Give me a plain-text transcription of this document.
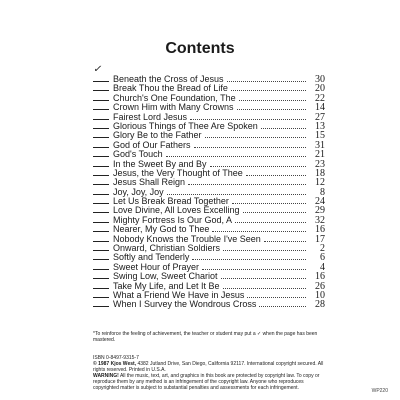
Contents
✓
Beneath the Cross of Jesus	30
Break Thou the Bread of Life	20
Church's One Foundation, The	22
Crown Him with Many Crowns	14
Fairest Lord Jesus	27
Glorious Things of Thee Are Spoken	13
Glory Be to the Father	15
God of Our Fathers	31
God's Touch	21
In the Sweet By and By	23
Jesus, the Very Thought of Thee	18
Jesus Shall Reign	12
Joy, Joy, Joy	8
Let Us Break Bread Together	24
Love Divine, All Loves Excelling	29
Mighty Fortress Is Our God, A	32
Nearer, My God to Thee	16
Nobody Knows the Trouble I've Seen	17
Onward, Christian Soldiers	2
Softly and Tenderly	6
Sweet Hour of Prayer	4
Swing Low, Sweet Chariot	16
Take My Life, and Let It Be	26
What a Friend We Have in Jesus	10
When I Survey the Wondrous Cross	28
*To reinforce the feeling of achievement, the teacher or student may put a ✓ when the page has been mastered.
ISBN 0-8497-9315-7
© 1987 Kjos West, 4382 Jutland Drive, San Diego, California 92117. International copyright secured. All rights reserved. Printed in U.S.A.
WARNING! All the music, text, art, and graphics in this book are protected by copyright law. To copy or reproduce them by any method is an infringement of the copyright law. Anyone who reproduces copyrighted matter is subject to substantial penalties and assessments for each infringement.	WP220
